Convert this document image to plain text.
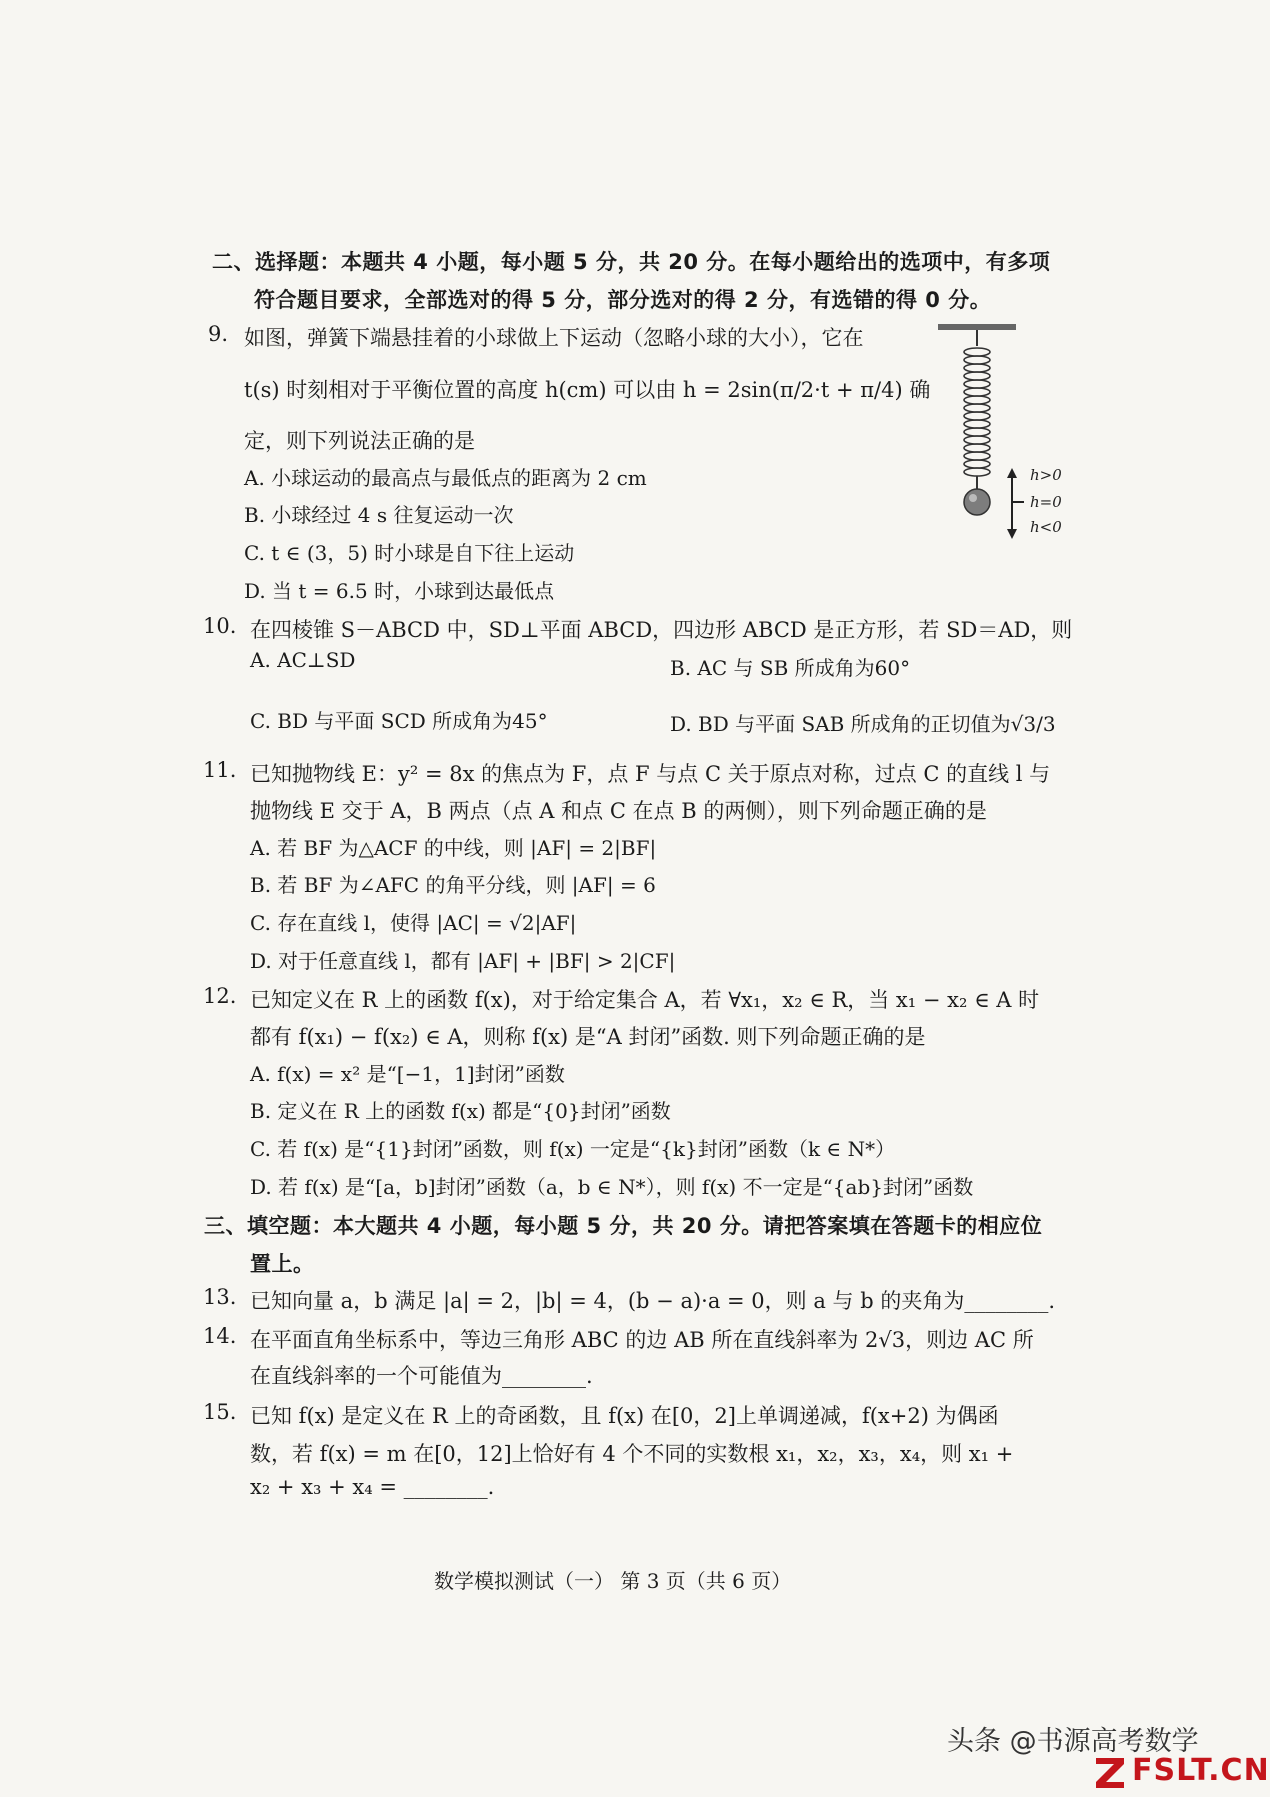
二、选择题：本题共 4 小题，每小题 5 分，共 20 分。在每小题给出的选项中，有多项
符合题目要求，全部选对的得 5 分，部分选对的得 2 分，有选错的得 0 分。
9. 如图，弹簧下端悬挂着的小球做上下运动（忽略小球的大小），它在
t(s) 时刻相对于平衡位置的高度 h(cm) 可以由 h = 2sin(π/2·t + π/4) 确
定，则下列说法正确的是
A. 小球运动的最高点与最低点的距离为 2 cm
B. 小球经过 4 s 往复运动一次
C. t ∈ (3，5) 时小球是自下往上运动
D. 当 t = 6.5 时，小球到达最低点
h>0
h=0
h<0
10. 在四棱锥 S－ABCD 中，SD⊥平面 ABCD，四边形 ABCD 是正方形，若 SD＝AD，则
A. AC⊥SD	B. AC 与 SB 所成角为60°
C. BD 与平面 SCD 所成角为45°	D. BD 与平面 SAB 所成角的正切值为√3/3
11. 已知抛物线 E：y² = 8x 的焦点为 F，点 F 与点 C 关于原点对称，过点 C 的直线 l 与
抛物线 E 交于 A，B 两点（点 A 和点 C 在点 B 的两侧），则下列命题正确的是
A. 若 BF 为△ACF 的中线，则 |AF| = 2|BF|
B. 若 BF 为∠AFC 的角平分线，则 |AF| = 6
C. 存在直线 l，使得 |AC| = √2|AF|
D. 对于任意直线 l，都有 |AF| + |BF| > 2|CF|
12. 已知定义在 R 上的函数 f(x)，对于给定集合 A，若 ∀x₁，x₂ ∈ R，当 x₁ − x₂ ∈ A 时
都有 f(x₁) − f(x₂) ∈ A，则称 f(x) 是“A 封闭”函数. 则下列命题正确的是
A. f(x) = x² 是“[−1，1]封闭”函数
B. 定义在 R 上的函数 f(x) 都是“{0}封闭”函数
C. 若 f(x) 是“{1}封闭”函数，则 f(x) 一定是“{k}封闭”函数（k ∈ N*）
D. 若 f(x) 是“[a，b]封闭”函数（a，b ∈ N*），则 f(x) 不一定是“{ab}封闭”函数
三、填空题：本大题共 4 小题，每小题 5 分，共 20 分。请把答案填在答题卡的相应位
置上。
13. 已知向量 a，b 满足 |a| = 2，|b| = 4，(b − a)·a = 0，则 a 与 b 的夹角为________.
14. 在平面直角坐标系中，等边三角形 ABC 的边 AB 所在直线斜率为 2√3，则边 AC 所
在直线斜率的一个可能值为________.
15. 已知 f(x) 是定义在 R 上的奇函数，且 f(x) 在[0，2]上单调递减，f(x+2) 为偶函
数，若 f(x) = m 在[0，12]上恰好有 4 个不同的实数根 x₁，x₂，x₃，x₄，则 x₁ +
x₂ + x₃ + x₄ = ________.
数学模拟测试（一） 第 3 页（共 6 页）
头条 @书源高考数学
FSLT.CN
